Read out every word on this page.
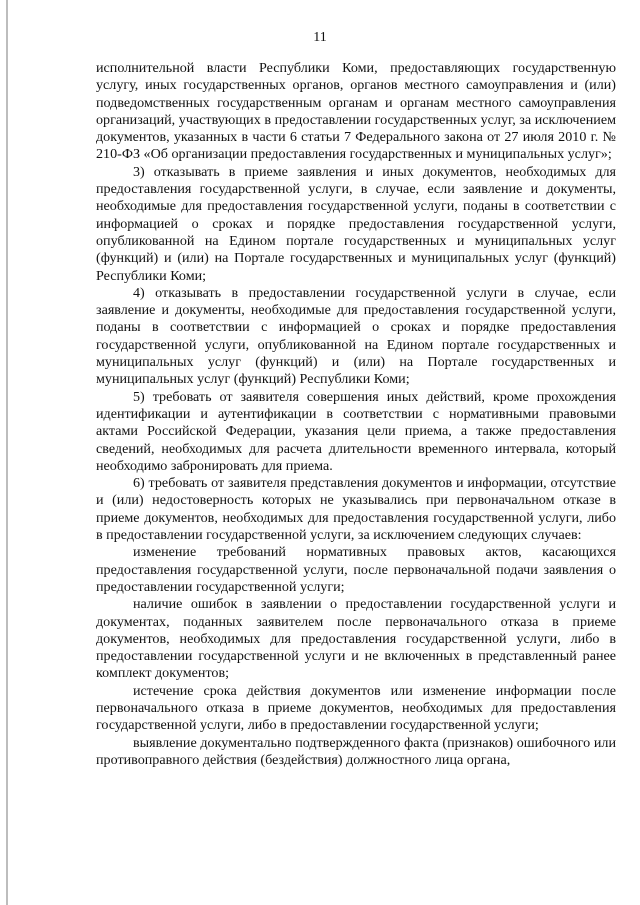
11

исполнительной власти Республики Коми, предоставляющих государственную услугу, иных государственных органов, органов местного самоуправления и (или) подведомственных государственным органам и органам местного самоуправления организаций, участвующих в предоставлении государственных услуг, за исключением документов, указанных в части 6 статьи 7 Федерального закона от 27 июля 2010 г. № 210-ФЗ «Об организации предоставления государственных и муниципальных услуг»;

3) отказывать в приеме заявления и иных документов, необходимых для предоставления государственной услуги, в случае, если заявление и документы, необходимые для предоставления государственной услуги, поданы в соответствии с информацией о сроках и порядке предоставления государственной услуги, опубликованной на Едином портале государственных и муниципальных услуг (функций) и (или) на Портале государственных и муниципальных услуг (функций) Республики Коми;

4) отказывать в предоставлении государственной услуги в случае, если заявление и документы, необходимые для предоставления государственной услуги, поданы в соответствии с информацией о сроках и порядке предоставления государственной услуги, опубликованной на Едином портале государственных и муниципальных услуг (функций) и (или) на Портале государственных и муниципальных услуг (функций) Республики Коми;

5) требовать от заявителя совершения иных действий, кроме прохождения идентификации и аутентификации в соответствии с нормативными правовыми актами Российской Федерации, указания цели приема, а также предоставления сведений, необходимых для расчета длительности временного интервала, который необходимо забронировать для приема.

6) требовать от заявителя представления документов и информации, отсутствие и (или) недостоверность которых не указывались при первоначальном отказе в приеме документов, необходимых для предоставления государственной услуги, либо в предоставлении государственной услуги, за исключением следующих случаев:

изменение требований нормативных правовых актов, касающихся предоставления государственной услуги, после первоначальной подачи заявления о предоставлении государственной услуги;

наличие ошибок в заявлении о предоставлении государственной услуги и документах, поданных заявителем после первоначального отказа в приеме документов, необходимых для предоставления государственной услуги, либо в предоставлении государственной услуги и не включенных в представленный ранее комплект документов;

истечение срока действия документов или изменение информации после первоначального отказа в приеме документов, необходимых для предоставления государственной услуги, либо в предоставлении государственной услуги;

выявление документально подтвержденного факта (признаков) ошибочного или противоправного действия (бездействия) должностного лица органа,
